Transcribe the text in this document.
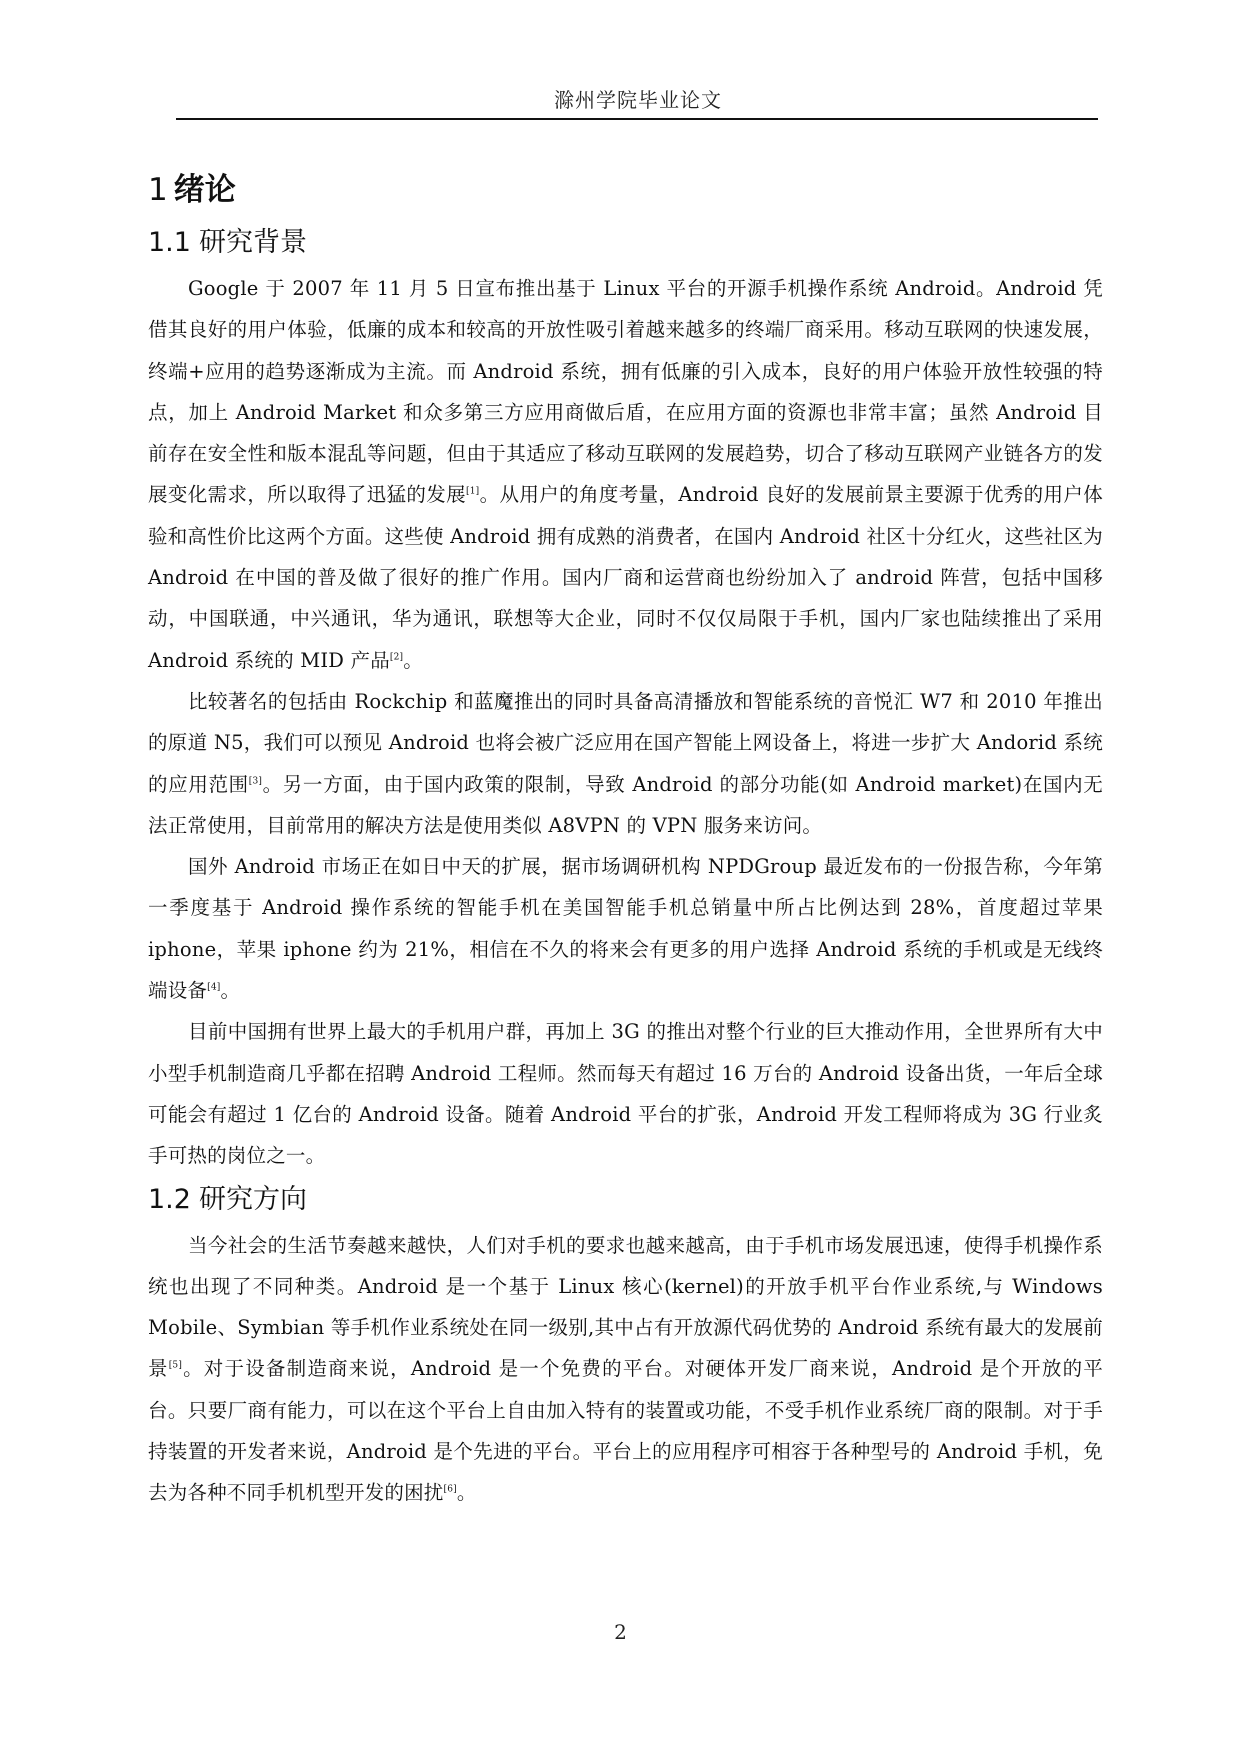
滁州学院毕业论文
1 绪论
1.1 研究背景

Google 于 2007 年 11 月 5 日宣布推出基于 Linux 平台的开源手机操作系统 Android。Android 凭借其良好的用户体验，低廉的成本和较高的开放性吸引着越来越多的终端厂商采用。移动互联网的快速发展，终端+应用的趋势逐渐成为主流。而 Android 系统，拥有低廉的引入成本，良好的用户体验开放性较强的特点，加上 Android Market 和众多第三方应用商做后盾，在应用方面的资源也非常丰富；虽然 Android 目前存在安全性和版本混乱等问题，但由于其适应了移动互联网的发展趋势，切合了移动互联网产业链各方的发展变化需求，所以取得了迅猛的发展[1]。从用户的角度考量，Android 良好的发展前景主要源于优秀的用户体验和高性价比这两个方面。这些使 Android 拥有成熟的消费者，在国内 Android 社区十分红火，这些社区为 Android 在中国的普及做了很好的推广作用。国内厂商和运营商也纷纷加入了 android 阵营，包括中国移动，中国联通，中兴通讯，华为通讯，联想等大企业，同时不仅仅局限于手机，国内厂家也陆续推出了采用 Android 系统的 MID 产品[2]。

比较著名的包括由 Rockchip 和蓝魔推出的同时具备高清播放和智能系统的音悦汇 W7 和 2010 年推出的原道 N5，我们可以预见 Android 也将会被广泛应用在国产智能上网设备上，将进一步扩大 Andorid 系统的应用范围[3]。另一方面，由于国内政策的限制，导致 Android 的部分功能(如 Android market)在国内无法正常使用，目前常用的解决方法是使用类似 A8VPN 的 VPN 服务来访问。

国外 Android 市场正在如日中天的扩展，据市场调研机构 NPDGroup 最近发布的一份报告称，今年第一季度基于 Android 操作系统的智能手机在美国智能手机总销量中所占比例达到 28%，首度超过苹果 iphone，苹果 iphone 约为 21%，相信在不久的将来会有更多的用户选择 Android 系统的手机或是无线终端设备[4]。

目前中国拥有世界上最大的手机用户群，再加上 3G 的推出对整个行业的巨大推动作用，全世界所有大中小型手机制造商几乎都在招聘 Android 工程师。然而每天有超过 16 万台的 Android 设备出货，一年后全球可能会有超过 1 亿台的 Android 设备。随着 Android 平台的扩张，Android 开发工程师将成为 3G 行业炙手可热的岗位之一。

1.2 研究方向

当今社会的生活节奏越来越快，人们对手机的要求也越来越高，由于手机市场发展迅速，使得手机操作系统也出现了不同种类。Android 是一个基于 Linux 核心(kernel)的开放手机平台作业系统,与 Windows Mobile、Symbian 等手机作业系统处在同一级别,其中占有开放源代码优势的 Android 系统有最大的发展前景[5]。对于设备制造商来说，Android 是一个免费的平台。对硬体开发厂商来说，Android 是个开放的平台。只要厂商有能力，可以在这个平台上自由加入特有的装置或功能，不受手机作业系统厂商的限制。对于手持装置的开发者来说，Android 是个先进的平台。平台上的应用程序可相容于各种型号的 Android 手机，免去为各种不同手机机型开发的困扰[6]。

2
